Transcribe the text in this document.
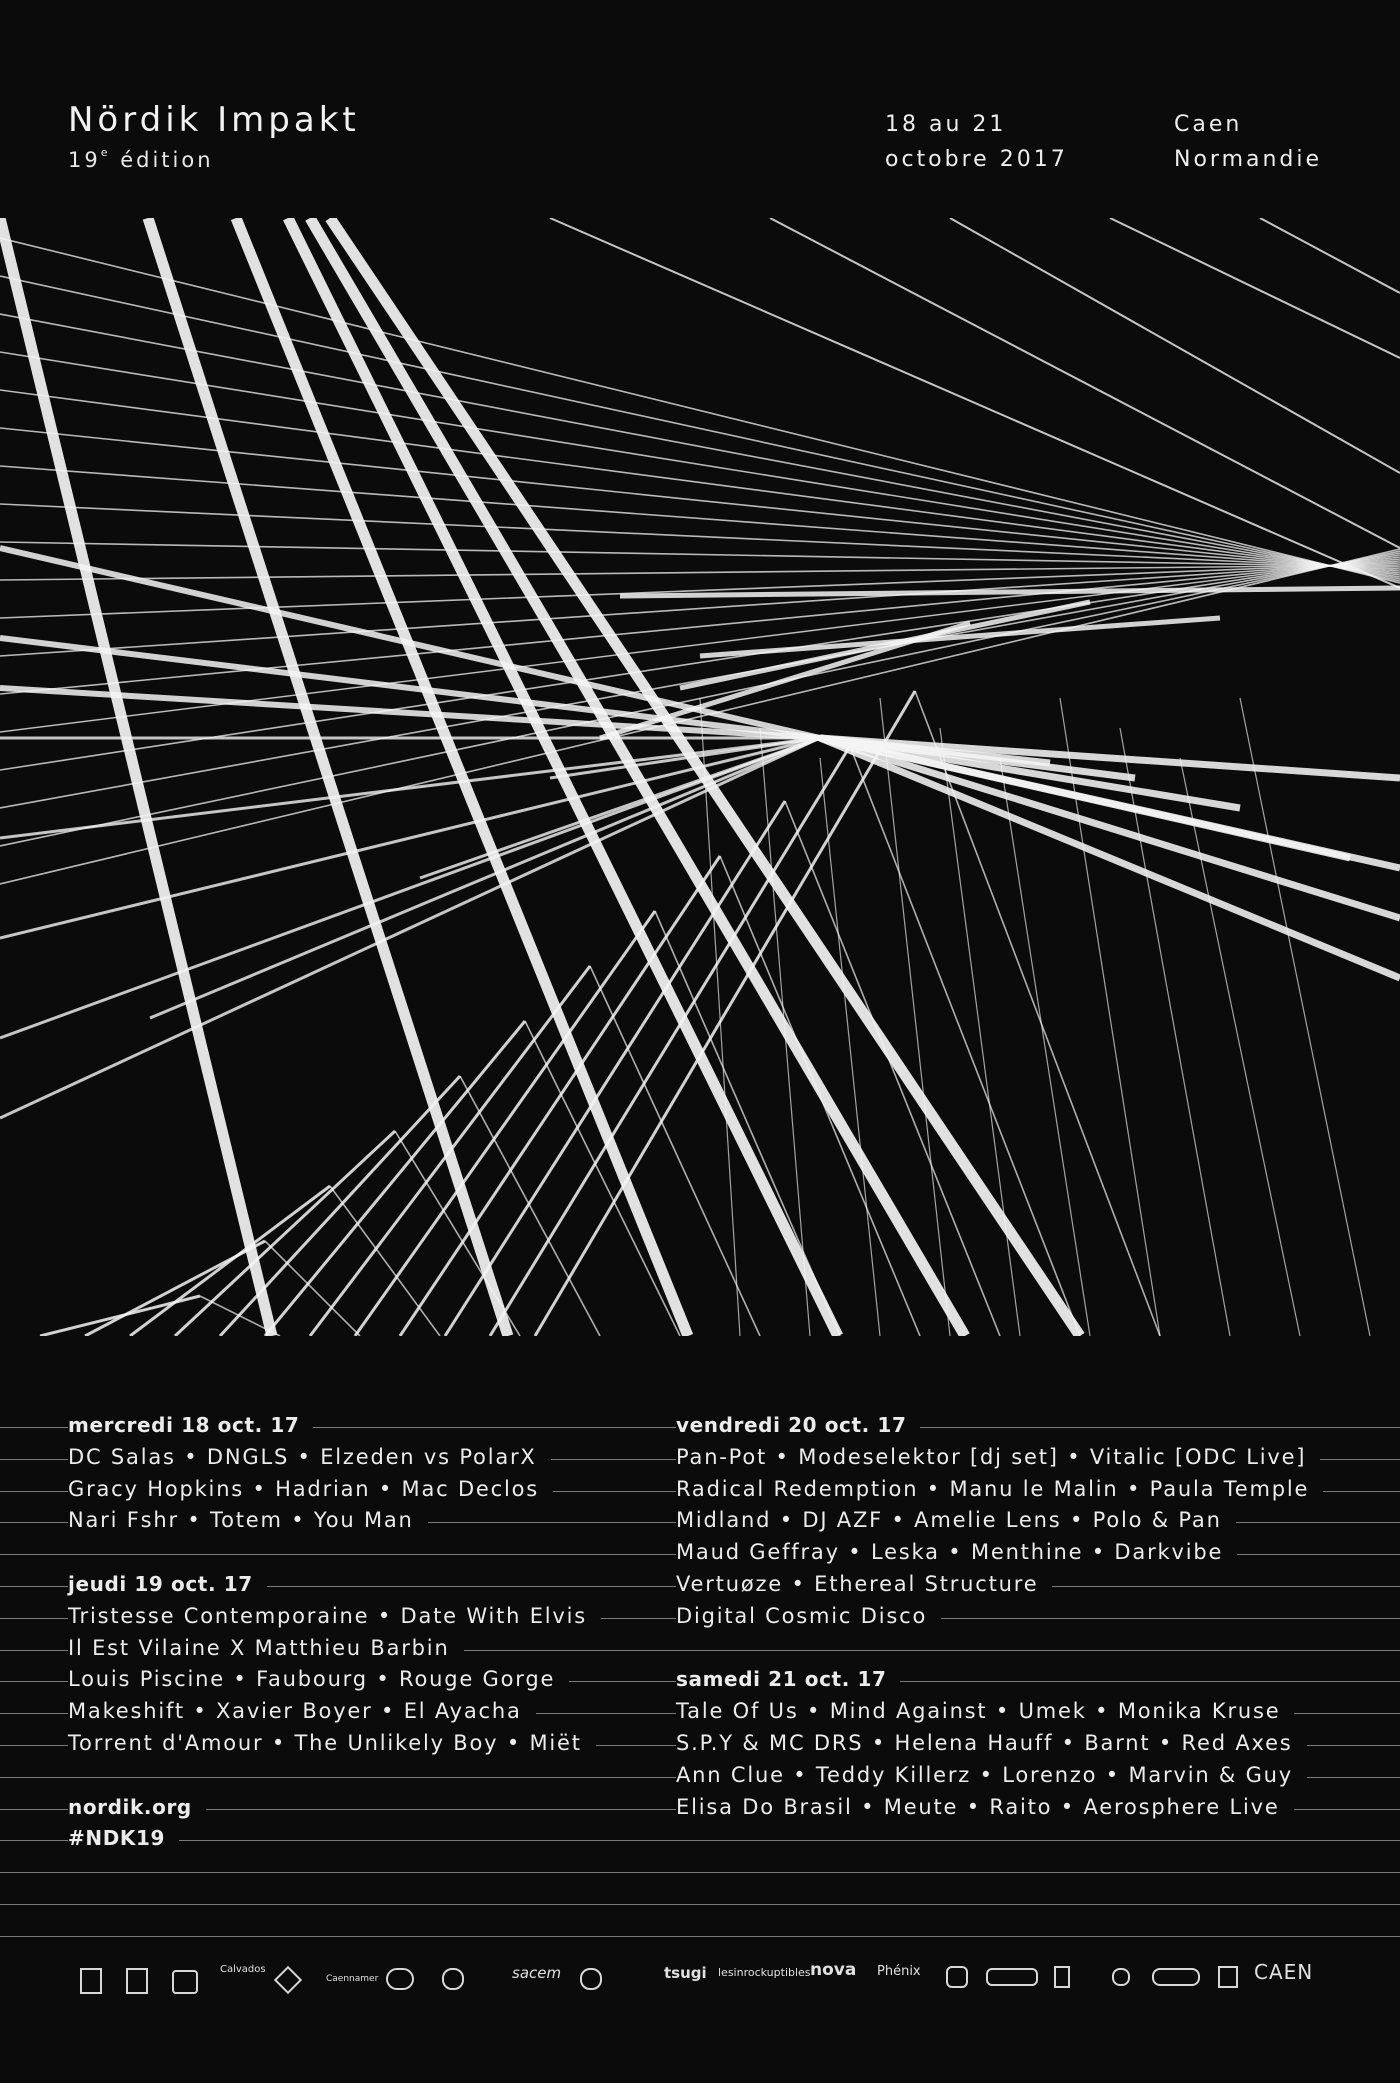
Nördik Impakt
19e édition
18 au 21
octobre 2017
Caen
Normandie
mercredi 18 oct. 17	vendredi 20 oct. 17
DC Salas • DNGLS • Elzeden vs PolarX	Pan-Pot • Modeselektor [dj set] • Vitalic [ODC Live]
Gracy Hopkins • Hadrian • Mac Declos	Radical Redemption • Manu le Malin • Paula Temple
Nari Fshr • Totem • You Man	Midland • DJ AZF • Amelie Lens • Polo & Pan
Maud Geffray • Leska • Menthine • Darkvibe
jeudi 19 oct. 17	Vertuøze • Ethereal Structure
Tristesse Contemporaine • Date With Elvis	Digital Cosmic Disco
Il Est Vilaine X Matthieu Barbin
Louis Piscine • Faubourg • Rouge Gorge	samedi 21 oct. 17
Makeshift • Xavier Boyer • El Ayacha	Tale Of Us • Mind Against • Umek • Monika Kruse
Torrent d'Amour • The Unlikely Boy • Miët	S.P.Y & MC DRS • Helena Hauff • Barnt • Red Axes
Ann Clue • Teddy Killerz • Lorenzo • Marvin & Guy
nordik.org	Elisa Do Brasil • Meute • Raito • Aerosphere Live
#NDK19
Calvados
Caennamer	sacem	tsugi lesinrockuptibles nova Phénix	CAEN
